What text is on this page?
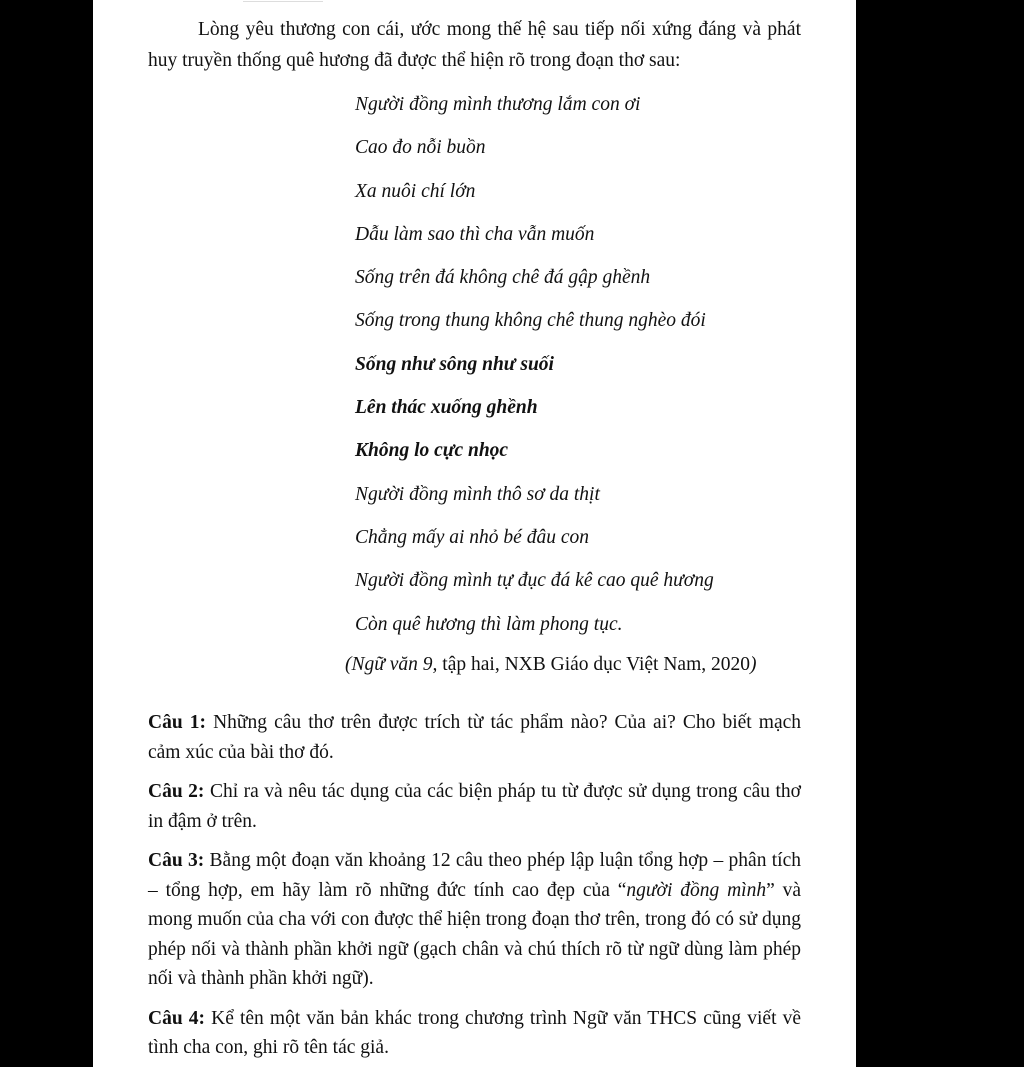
Lòng yêu thương con cái, ước mong thế hệ sau tiếp nối xứng đáng và phát huy truyền thống quê hương đã được thể hiện rõ trong đoạn thơ sau:

Người đồng mình thương lắm con ơi
Cao đo nỗi buồn
Xa nuôi chí lớn
Dẫu làm sao thì cha vẫn muốn
Sống trên đá không chê đá gập ghềnh
Sống trong thung không chê thung nghèo đói
Sống như sông như suối
Lên thác xuống ghềnh
Không lo cực nhọc
Người đồng mình thô sơ da thịt
Chẳng mấy ai nhỏ bé đâu con
Người đồng mình tự đục đá kê cao quê hương
Còn quê hương thì làm phong tục.
(Ngữ văn 9, tập hai, NXB Giáo dục Việt Nam, 2020)

Câu 1: Những câu thơ trên được trích từ tác phẩm nào? Của ai? Cho biết mạch cảm xúc của bài thơ đó.

Câu 2: Chỉ ra và nêu tác dụng của các biện pháp tu từ được sử dụng trong câu thơ in đậm ở trên.

Câu 3: Bằng một đoạn văn khoảng 12 câu theo phép lập luận tổng hợp – phân tích – tổng hợp, em hãy làm rõ những đức tính cao đẹp của “người đồng mình” và mong muốn của cha với con được thể hiện trong đoạn thơ trên, trong đó có sử dụng phép nối và thành phần khởi ngữ (gạch chân và chú thích rõ từ ngữ dùng làm phép nối và thành phần khởi ngữ).

Câu 4: Kể tên một văn bản khác trong chương trình Ngữ văn THCS cũng viết về tình cha con, ghi rõ tên tác giả.
